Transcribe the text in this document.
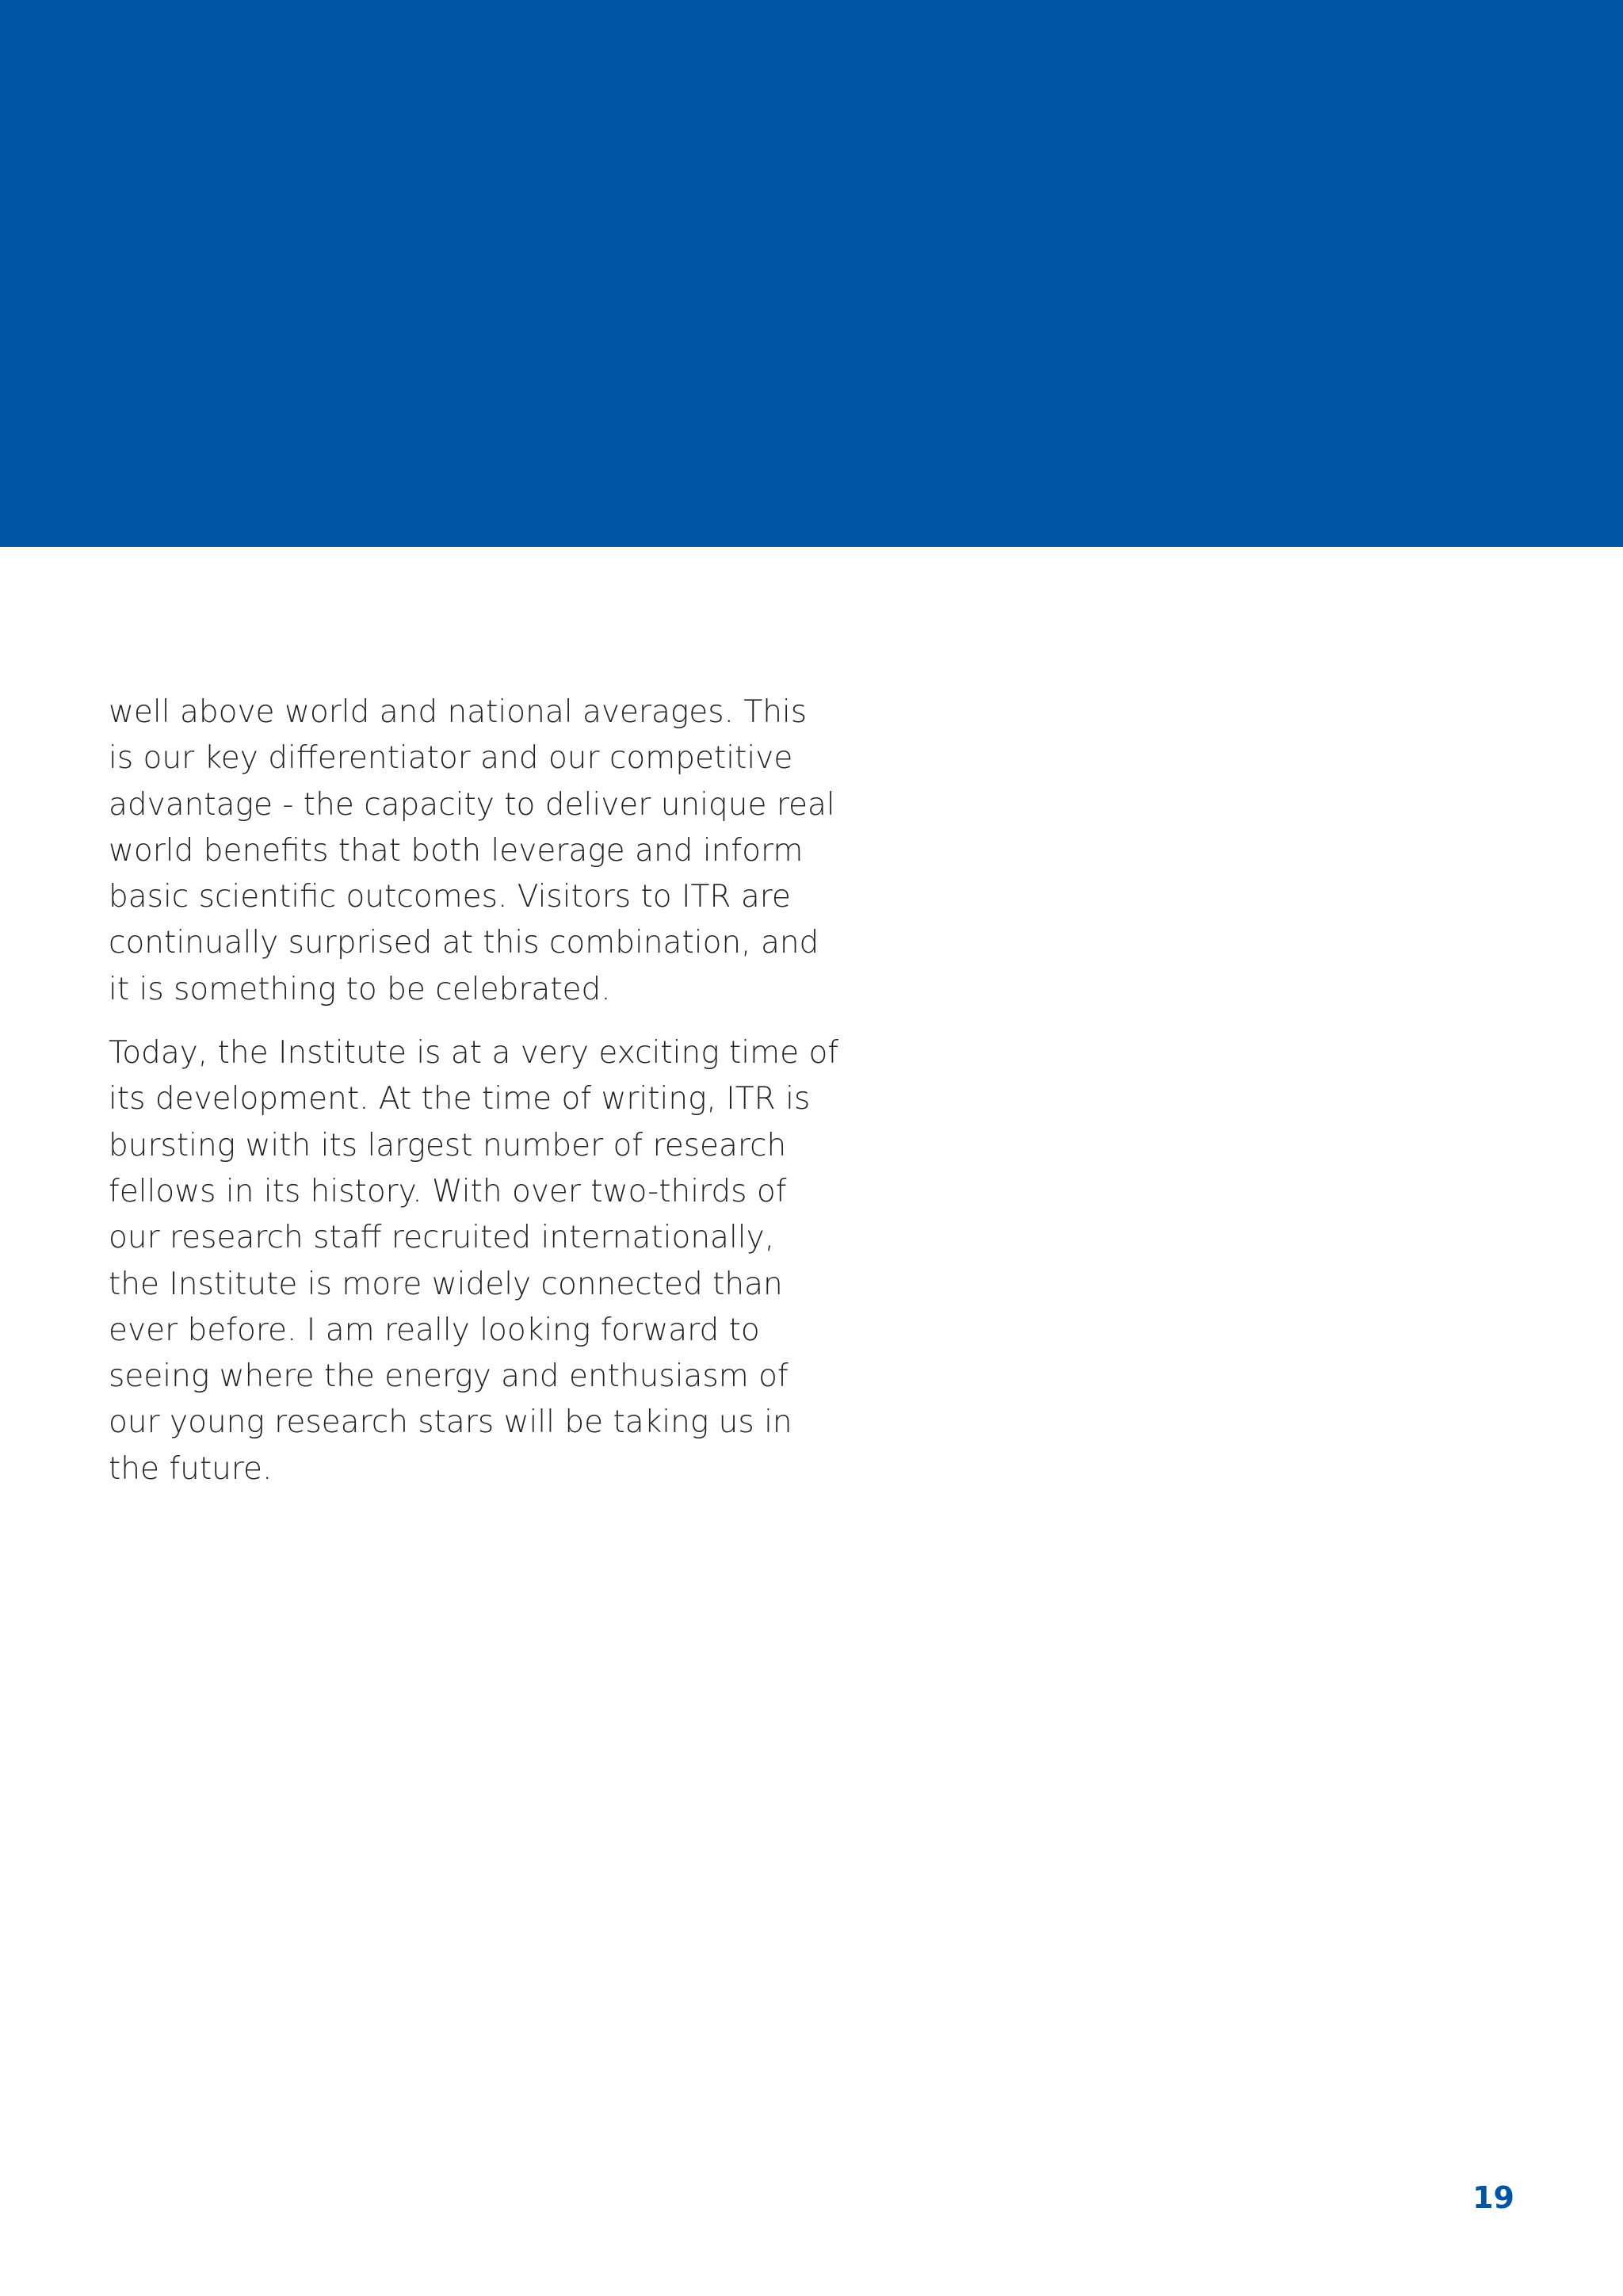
well above world and national averages. This
is our key differentiator and our competitive
advantage - the capacity to deliver unique real
world benefits that both leverage and inform
basic scientific outcomes. Visitors to ITR are
continually surprised at this combination, and
it is something to be celebrated.

Today, the Institute is at a very exciting time of
its development. At the time of writing, ITR is
bursting with its largest number of research
fellows in its history. With over two-thirds of
our research staff recruited internationally,
the Institute is more widely connected than
ever before. I am really looking forward to
seeing where the energy and enthusiasm of
our young research stars will be taking us in
the future.

19
